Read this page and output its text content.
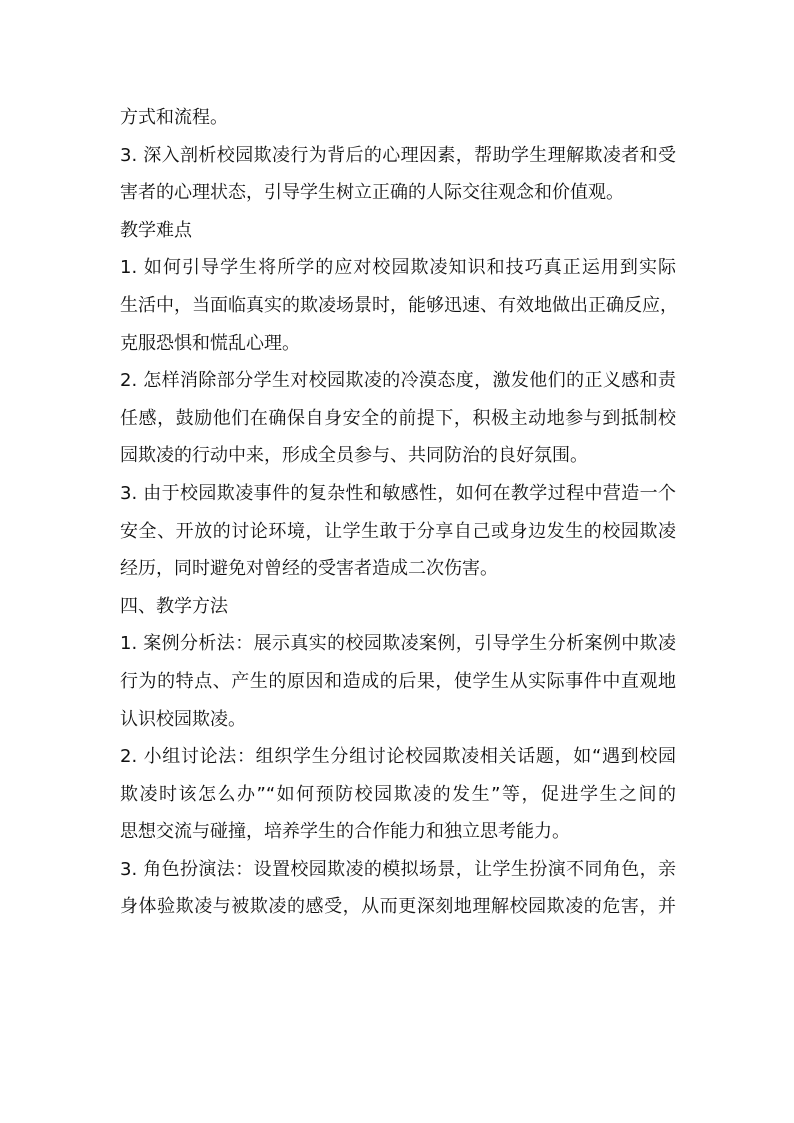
方式和流程。
3. 深入剖析校园欺凌行为背后的心理因素，帮助学生理解欺凌者和受
害者的心理状态，引导学生树立正确的人际交往观念和价值观。
教学难点
1. 如何引导学生将所学的应对校园欺凌知识和技巧真正运用到实际
生活中，当面临真实的欺凌场景时，能够迅速、有效地做出正确反应，
克服恐惧和慌乱心理。
2. 怎样消除部分学生对校园欺凌的冷漠态度，激发他们的正义感和责
任感，鼓励他们在确保自身安全的前提下，积极主动地参与到抵制校
园欺凌的行动中来，形成全员参与、共同防治的良好氛围。
3. 由于校园欺凌事件的复杂性和敏感性，如何在教学过程中营造一个
安全、开放的讨论环境，让学生敢于分享自己或身边发生的校园欺凌
经历，同时避免对曾经的受害者造成二次伤害。
四、教学方法
1. 案例分析法：展示真实的校园欺凌案例，引导学生分析案例中欺凌
行为的特点、产生的原因和造成的后果，使学生从实际事件中直观地
认识校园欺凌。
2. 小组讨论法：组织学生分组讨论校园欺凌相关话题，如“遇到校园
欺凌时该怎么办”“如何预防校园欺凌的发生”等，促进学生之间的
思想交流与碰撞，培养学生的合作能力和独立思考能力。
3. 角色扮演法：设置校园欺凌的模拟场景，让学生扮演不同角色，亲
身体验欺凌与被欺凌的感受，从而更深刻地理解校园欺凌的危害，并
